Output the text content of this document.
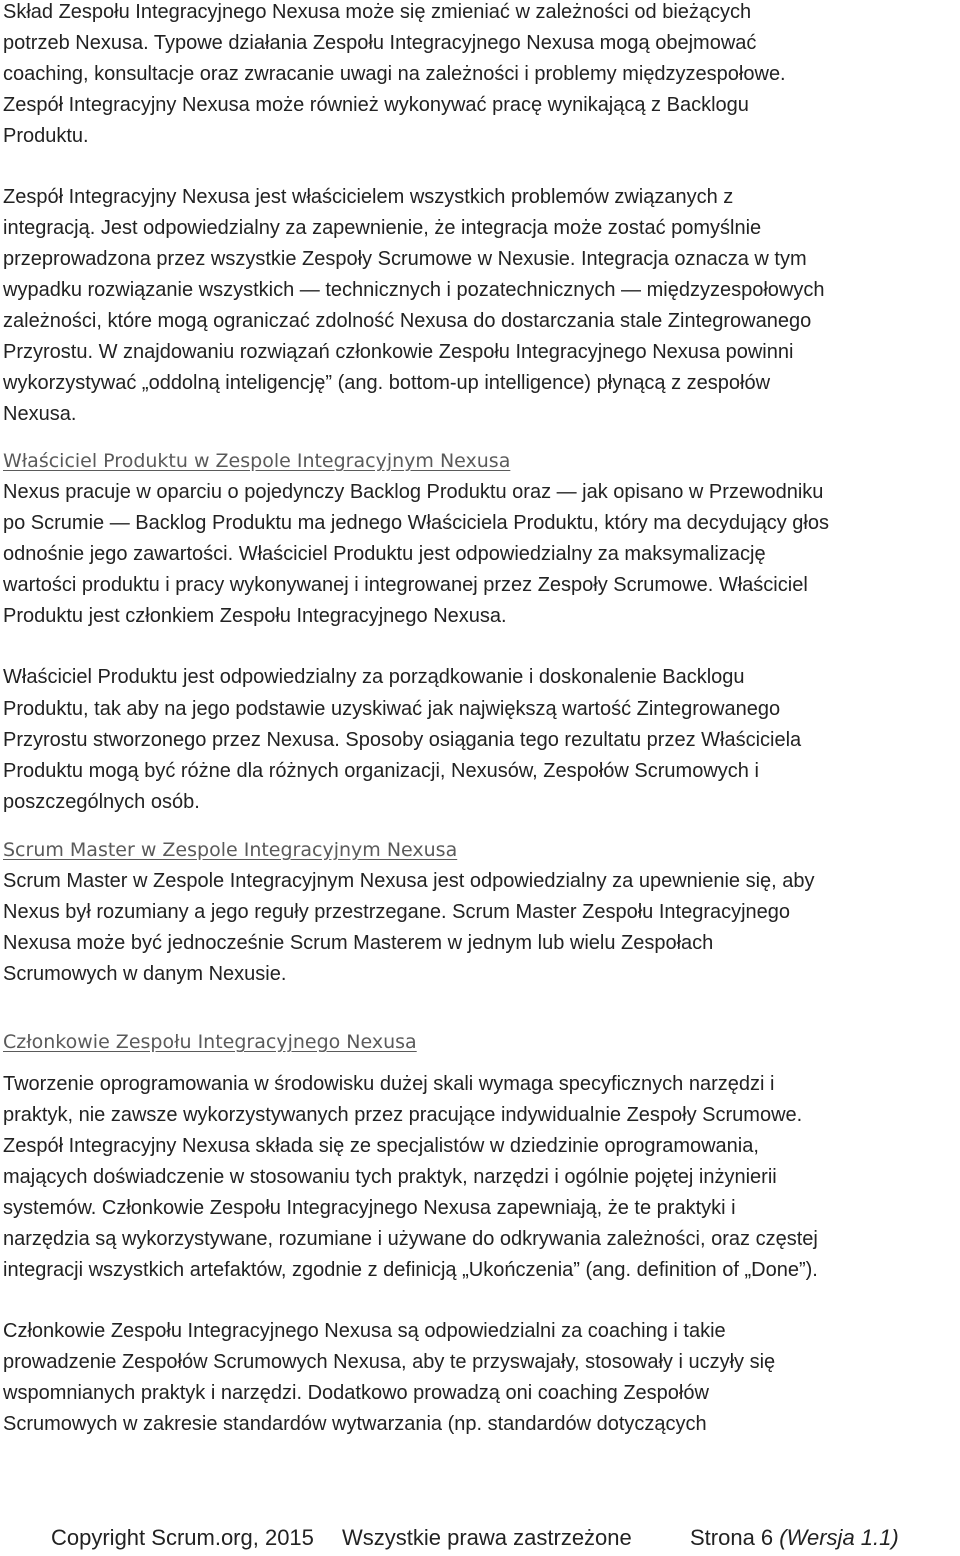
Skład Zespołu Integracyjnego Nexusa może się zmieniać w zależności od bieżących
potrzeb Nexusa. Typowe działania Zespołu Integracyjnego Nexusa mogą obejmować
coaching, konsultacje oraz zwracanie uwagi na zależności i problemy międzyzespołowe.
Zespół Integracyjny Nexusa może również wykonywać pracę wynikającą z Backlogu
Produktu.
Zespół Integracyjny Nexusa jest właścicielem wszystkich problemów związanych z
integracją. Jest odpowiedzialny za zapewnienie, że integracja może zostać pomyślnie
przeprowadzona przez wszystkie Zespoły Scrumowe w Nexusie. Integracja oznacza w tym
wypadku rozwiązanie wszystkich — technicznych i pozatechnicznych — międzyzespołowych
zależności, które mogą ograniczać zdolność Nexusa do dostarczania stale Zintegrowanego
Przyrostu. W znajdowaniu rozwiązań członkowie Zespołu Integracyjnego Nexusa powinni
wykorzystywać „oddolną inteligencję” (ang. bottom-up intelligence) płynącą z zespołów
Nexusa.
Właściciel Produktu w Zespole Integracyjnym Nexusa
Nexus pracuje w oparciu o pojedynczy Backlog Produktu oraz — jak opisano w Przewodniku
po Scrumie — Backlog Produktu ma jednego Właściciela Produktu, który ma decydujący głos
odnośnie jego zawartości. Właściciel Produktu jest odpowiedzialny za maksymalizację
wartości produktu i pracy wykonywanej i integrowanej przez Zespoły Scrumowe. Właściciel
Produktu jest członkiem Zespołu Integracyjnego Nexusa.
Właściciel Produktu jest odpowiedzialny za porządkowanie i doskonalenie Backlogu
Produktu, tak aby na jego podstawie uzyskiwać jak największą wartość Zintegrowanego
Przyrostu stworzonego przez Nexusa. Sposoby osiągania tego rezultatu przez Właściciela
Produktu mogą być różne dla różnych organizacji, Nexusów, Zespołów Scrumowych i
poszczególnych osób.
Scrum Master w Zespole Integracyjnym Nexusa
Scrum Master w Zespole Integracyjnym Nexusa jest odpowiedzialny za upewnienie się, aby
Nexus był rozumiany a jego reguły przestrzegane. Scrum Master Zespołu Integracyjnego
Nexusa może być jednocześnie Scrum Masterem w jednym lub wielu Zespołach
Scrumowych w danym Nexusie.
Członkowie Zespołu Integracyjnego Nexusa
Tworzenie oprogramowania w środowisku dużej skali wymaga specyficznych narzędzi i
praktyk, nie zawsze wykorzystywanych przez pracujące indywidualnie Zespoły Scrumowe.
Zespół Integracyjny Nexusa składa się ze specjalistów w dziedzinie oprogramowania,
mających doświadczenie w stosowaniu tych praktyk, narzędzi i ogólnie pojętej inżynierii
systemów. Członkowie Zespołu Integracyjnego Nexusa zapewniają, że te praktyki i
narzędzia są wykorzystywane, rozumiane i używane do odkrywania zależności, oraz częstej
integracji wszystkich artefaktów, zgodnie z definicją „Ukończenia” (ang. definition of „Done”).
Członkowie Zespołu Integracyjnego Nexusa są odpowiedzialni za coaching i takie
prowadzenie Zespołów Scrumowych Nexusa, aby te przyswajały, stosowały i uczyły się
wspomnianych praktyk i narzędzi. Dodatkowo prowadzą oni coaching Zespołów
Scrumowych w zakresie standardów wytwarzania (np. standardów dotyczących
Copyright Scrum.org, 2015 Wszystkie prawa zastrzeżone	Strona 6 (Wersja 1.1)
